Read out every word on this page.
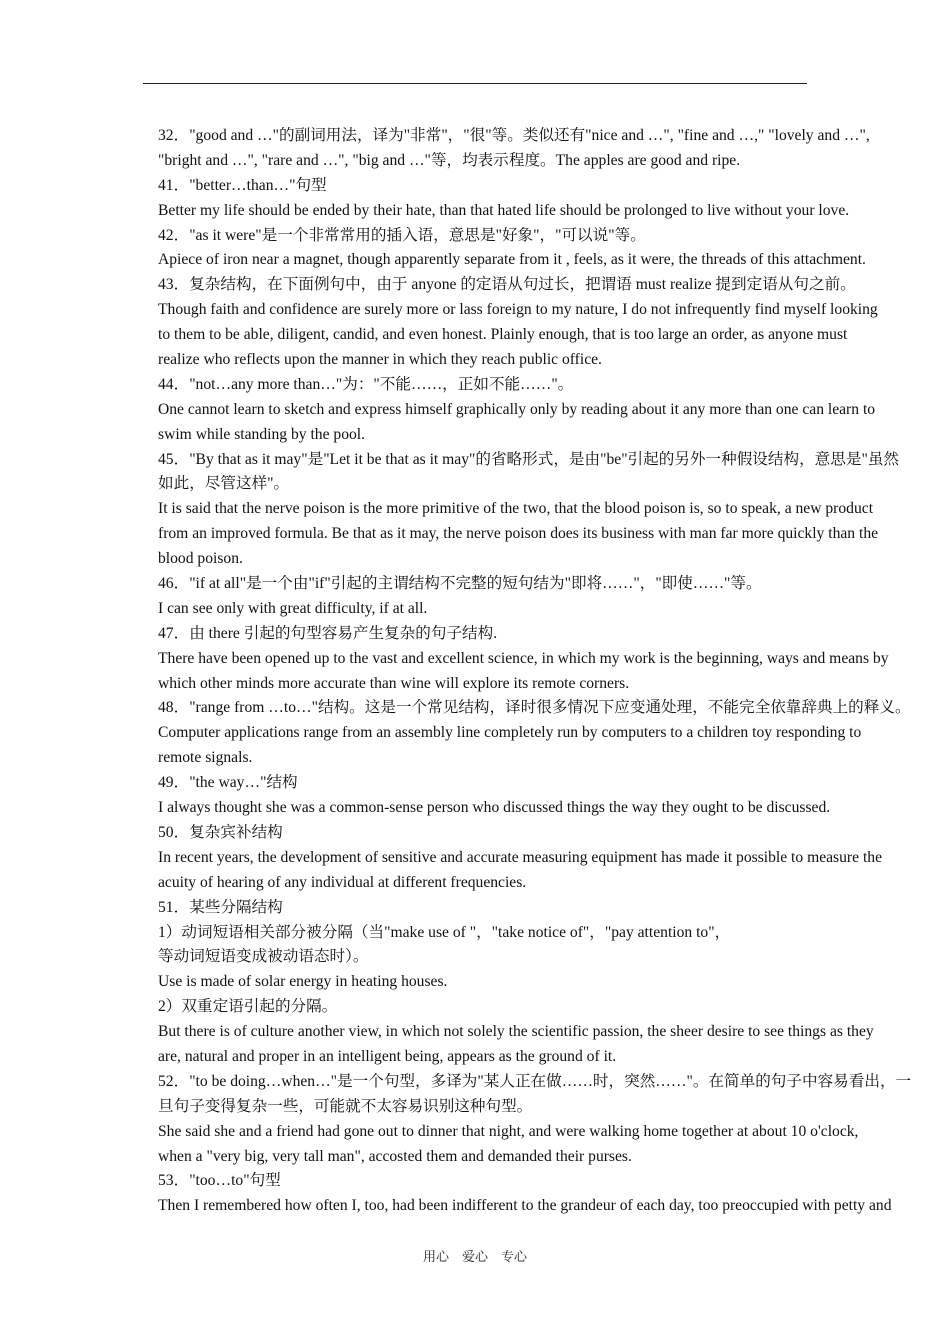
32．"good and …"的副词用法，译为"非常"，"很"等。类似还有"nice and …", "fine and …," "lovely and …",
"bright and …", "rare and …", "big and …"等，均表示程度。The apples are good and ripe.
41．"better…than…"句型
Better my life should be ended by their hate, than that hated life should be prolonged to live without your love.
42．"as it were"是一个非常常用的插入语，意思是"好象"，"可以说"等。
Apiece of iron near a magnet, though apparently separate from it , feels, as it were, the threads of this attachment.
43．复杂结构，在下面例句中，由于 anyone 的定语从句过长，把谓语 must realize 提到定语从句之前。
Though faith and confidence are surely more or lass foreign to my nature, I do not infrequently find myself looking
to them to be able, diligent, candid, and even honest. Plainly enough, that is too large an order, as anyone must
realize who reflects upon the manner in which they reach public office.
44．"not…any more than…"为："不能……，正如不能……"。
One cannot learn to sketch and express himself graphically only by reading about it any more than one can learn to
swim while standing by the pool.
45．"By that as it may"是"Let it be that as it may"的省略形式，是由"be"引起的另外一种假设结构，意思是"虽然
如此，尽管这样"。
It is said that the nerve poison is the more primitive of the two, that the blood poison is, so to speak, a new product
from an improved formula. Be that as it may, the nerve poison does its business with man far more quickly than the
blood poison.
46．"if at all"是一个由"if"引起的主谓结构不完整的短句结为"即将……"，"即使……"等。
I can see only with great difficulty, if at all.
47．由 there 引起的句型容易产生复杂的句子结构.
There have been opened up to the vast and excellent science, in which my work is the beginning, ways and means by
which other minds more accurate than wine will explore its remote corners.
48．"range from …to…"结构。这是一个常见结构，译时很多情况下应变通处理，不能完全依靠辞典上的释义。
Computer applications range from an assembly line completely run by computers to a children toy responding to
remote signals.
49．"the way…"结构
I always thought she was a common-sense person who discussed things the way they ought to be discussed.
50．复杂宾补结构
In recent years, the development of sensitive and accurate measuring equipment has made it possible to measure the
acuity of hearing of any individual at different frequencies.
51．某些分隔结构
1）动词短语相关部分被分隔（当"make use of "，"take notice of"，"pay attention to"，
等动词短语变成被动语态时）。
Use is made of solar energy in heating houses.
2）双重定语引起的分隔。
But there is of culture another view, in which not solely the scientific passion, the sheer desire to see things as they
are, natural and proper in an intelligent being, appears as the ground of it.
52．"to be doing…when…"是一个句型，多译为"某人正在做……时，突然……"。在简单的句子中容易看出，一
旦句子变得复杂一些，可能就不太容易识别这种句型。
She said she and a friend had gone out to dinner that night, and were walking home together at about 10 o'clock,
when a "very big, very tall man", accosted them and demanded their purses.
53．"too…to"句型
Then I remembered how often I, too, had been indifferent to the grandeur of each day, too preoccupied with petty and
用心　爱心　专心
